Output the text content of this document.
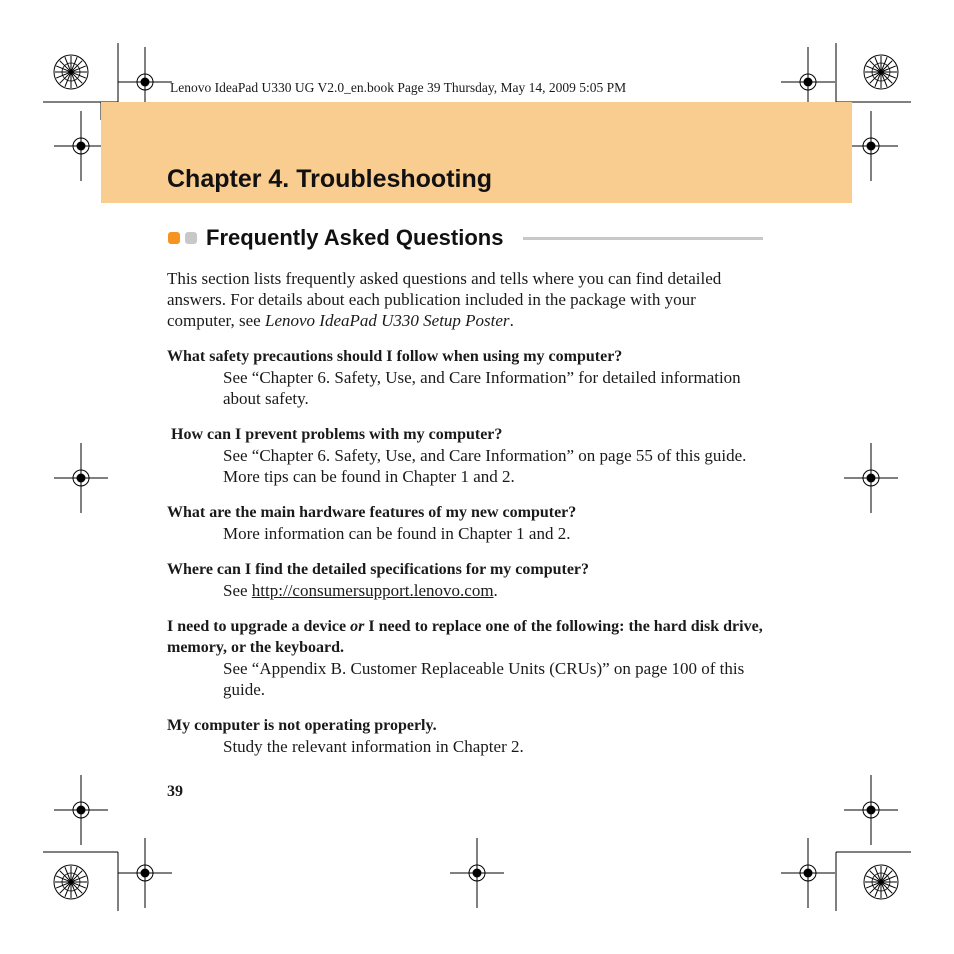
Lenovo IdeaPad U330 UG V2.0_en.book Page 39 Thursday, May 14, 2009 5:05 PM
Chapter 4. Troubleshooting
Frequently Asked Questions

This section lists frequently asked questions and tells where you can find detailed answers. For details about each publication included in the package with your computer, see Lenovo IdeaPad U330 Setup Poster.

What safety precautions should I follow when using my computer?

See “Chapter 6. Safety, Use, and Care Information” for detailed information about safety.

How can I prevent problems with my computer?

See “Chapter 6. Safety, Use, and Care Information” on page 55 of this guide. More tips can be found in Chapter 1 and 2.

What are the main hardware features of my new computer?

More information can be found in Chapter 1 and 2.

Where can I find the detailed specifications for my computer?

See http://consumersupport.lenovo.com.

I need to upgrade a device or I need to replace one of the following: the hard disk drive, memory, or the keyboard.

See “Appendix B. Customer Replaceable Units (CRUs)” on page 100 of this guide.

My computer is not operating properly.

Study the relevant information in Chapter 2.

39
